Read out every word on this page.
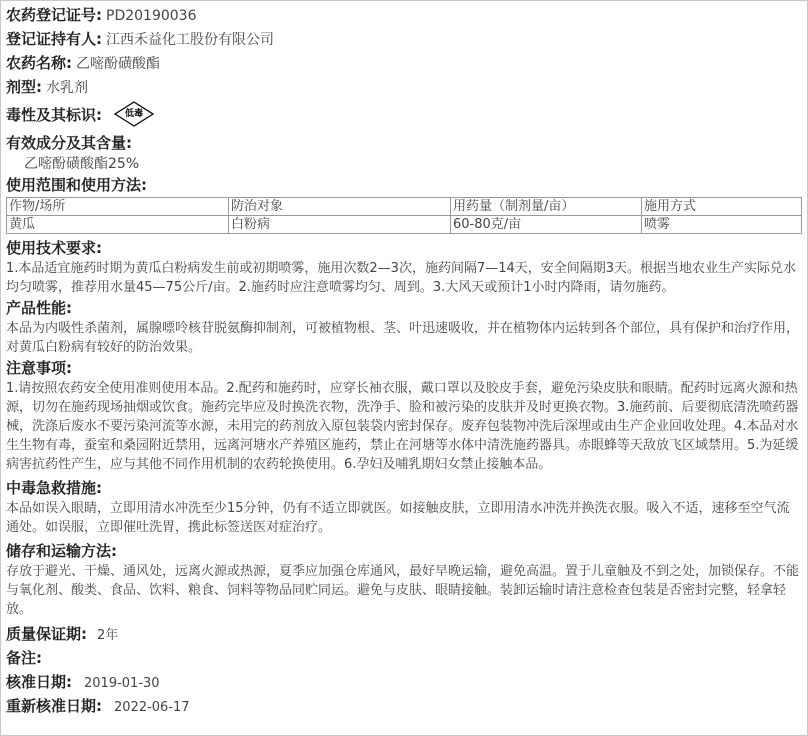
农药登记证号: PD20190036
登记证持有人: 江西禾益化工股份有限公司
农药名称: 乙嘧酚磺酸酯
剂型: 水乳剂
毒性及其标识:	低毒
有效成分及其含量:
乙嘧酚磺酸酯25%
使用范围和使用方法:
作物/场所	防治对象	用药量（制剂量/亩）	施用方式
黄瓜	白粉病	60-80克/亩	喷雾
使用技术要求:
1.本品适宜施药时期为黄瓜白粉病发生前或初期喷雾，施用次数2—3次，施药间隔7—14天，安全间隔期3天。根据当地农业生产实际兑水均匀喷雾，推荐用水量45—75公斤/亩。2.施药时应注意喷雾均匀、周到。3.大风天或预计1小时内降雨，请勿施药。
产品性能:
本品为内吸性杀菌剂，属腺嘌呤核苷脱氨酶抑制剂，可被植物根、茎、叶迅速吸收，并在植物体内运转到各个部位，具有保护和治疗作用，对黄瓜白粉病有较好的防治效果。
注意事项:
1.请按照农药安全使用准则使用本品。2.配药和施药时，应穿长袖衣服，戴口罩以及胶皮手套，避免污染皮肤和眼睛。配药时远离火源和热源，切勿在施药现场抽烟或饮食。施药完毕应及时换洗衣物，洗净手、脸和被污染的皮肤并及时更换衣物。3.施药前、后要彻底清洗喷药器械，洗涤后废水不要污染河流等水源，未用完的药剂放入原包装袋内密封保存。废弃包装物冲洗后深埋或由生产企业回收处理。4.本品对水生生物有毒，蚕室和桑园附近禁用，远离河塘水产养殖区施药，禁止在河塘等水体中清洗施药器具。赤眼蜂等天敌放飞区域禁用。5.为延缓病害抗药性产生，应与其他不同作用机制的农药轮换使用。6.孕妇及哺乳期妇女禁止接触本品。
中毒急救措施:
本品如误入眼睛，立即用清水冲洗至少15分钟，仍有不适立即就医。如接触皮肤，立即用清水冲洗并换洗衣服。吸入不适，速移至空气流通处。如误服，立即催吐洗胃，携此标签送医对症治疗。
储存和运输方法:
存放于避光、干燥、通风处，远离火源或热源，夏季应加强仓库通风，最好早晚运输，避免高温。置于儿童触及不到之处，加锁保存。不能与氧化剂、酸类、食品、饮料、粮食、饲料等物品同贮同运。避免与皮肤、眼睛接触。装卸运输时请注意检查包装是否密封完整，轻拿轻放。
质量保证期: 2年
备注:
核准日期: 2019-01-30
重新核准日期: 2022-06-17
